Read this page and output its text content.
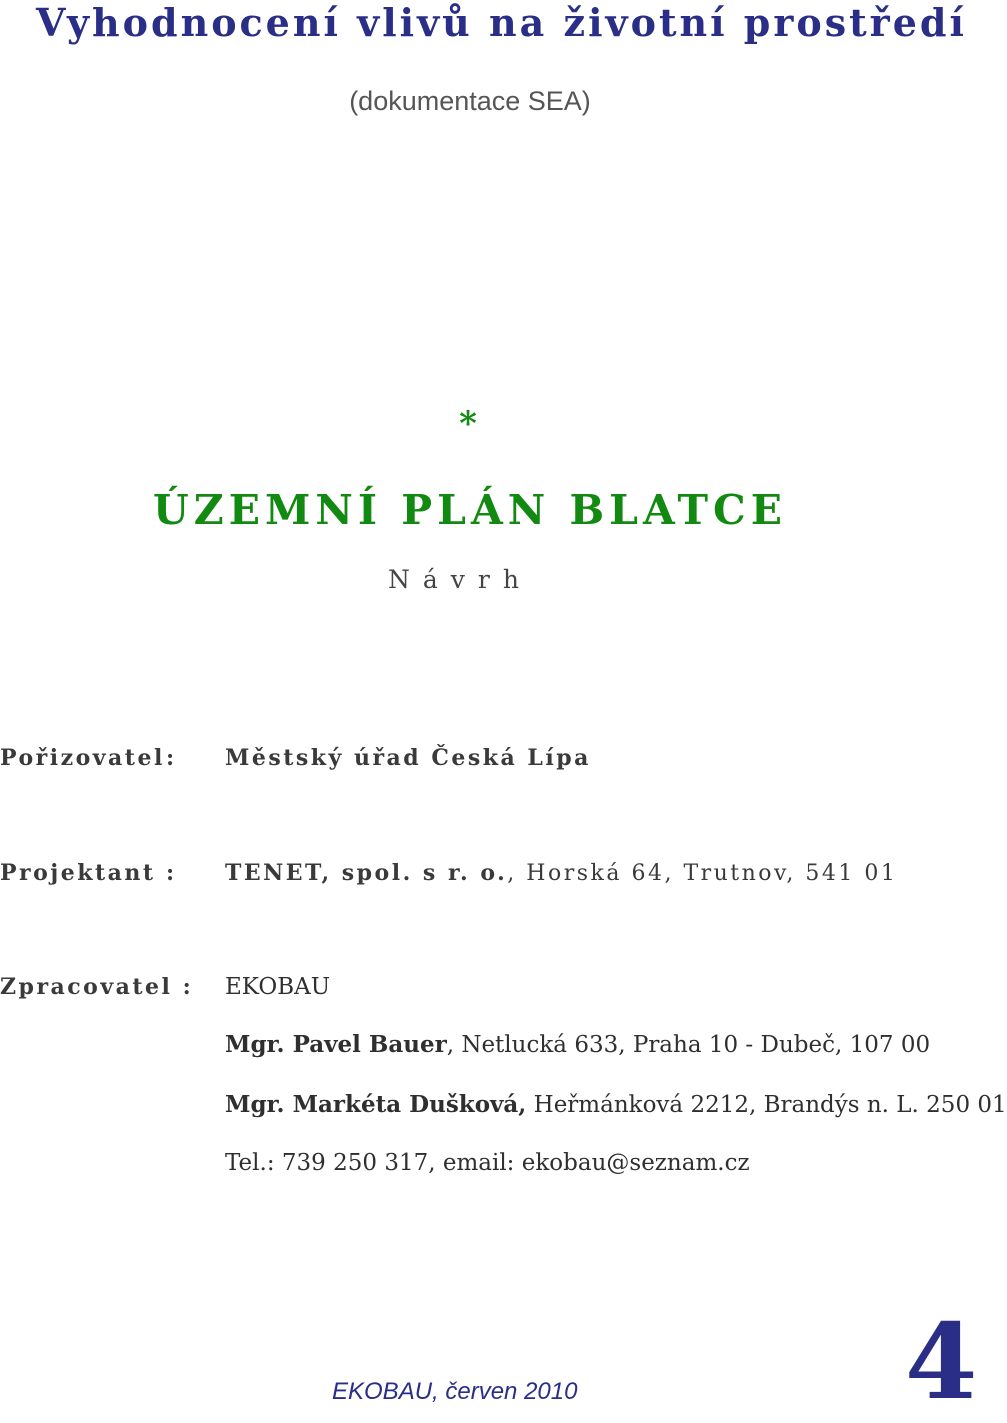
Vyhodnocení vlivů na životní prostředí
(dokumentace SEA)
*
ÚZEMNÍ PLÁN BLATCE
Návrh
Pořizovatel : Městský úřad Česká Lípa
Projektant : TENET, spol. s r. o., Horská 64, Trutnov, 541 01
Zpracovatel : EKOBAU
Mgr. Pavel Bauer, Netlucká 633, Praha 10 - Dubeč, 107 00
Mgr. Markéta Dušková, Heřmánková 2212, Brandýs n. L. 250 01
Tel.: 739 250 317, email: ekobau@seznam.cz
EKOBAU, červen 2010	4
